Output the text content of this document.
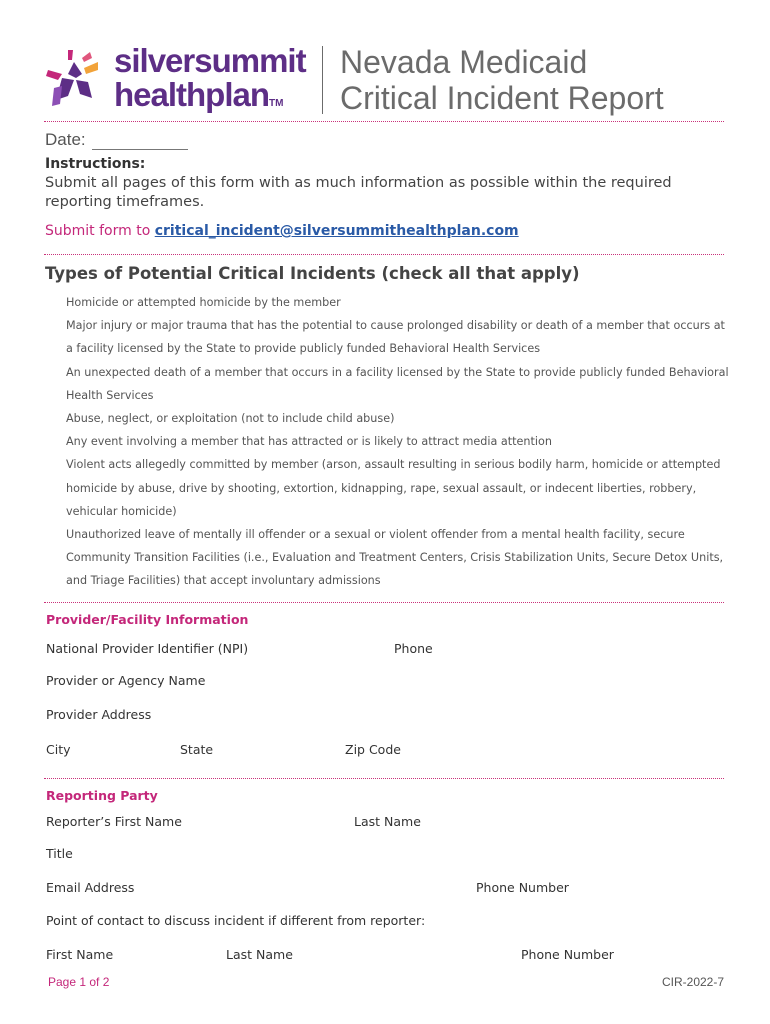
silversummit
healthplanTM
Nevada Medicaid
Critical Incident Report
Date:
Instructions:
Submit all pages of this form with as much information as possible within the required reporting timeframes.
Submit form to critical_incident@silversummithealthplan.com
Types of Potential Critical Incidents (check all that apply)
Homicide or attempted homicide by the member
Major injury or major trauma that has the potential to cause prolonged disability or death of a member that occurs at
a facility licensed by the State to provide publicly funded Behavioral Health Services
An unexpected death of a member that occurs in a facility licensed by the State to provide publicly funded Behavioral
Health Services
Abuse, neglect, or exploitation (not to include child abuse)
Any event involving a member that has attracted or is likely to attract media attention
Violent acts allegedly committed by member (arson, assault resulting in serious bodily harm, homicide or attempted
homicide by abuse, drive by shooting, extortion, kidnapping, rape, sexual assault, or indecent liberties, robbery,
vehicular homicide)
Unauthorized leave of mentally ill offender or a sexual or violent offender from a mental health facility, secure
Community Transition Facilities (i.e., Evaluation and Treatment Centers, Crisis Stabilization Units, Secure Detox Units,
and Triage Facilities) that accept involuntary admissions
Provider/Facility Information
National Provider Identifier (NPI)	Phone
Provider or Agency Name
Provider Address
City	State	Zip Code
Reporting Party
Reporter’s First Name	Last Name
Title
Email Address	Phone Number
Point of contact to discuss incident if different from reporter:
First Name	Last Name	Phone Number
Page 1 of 2	CIR-2022-7
